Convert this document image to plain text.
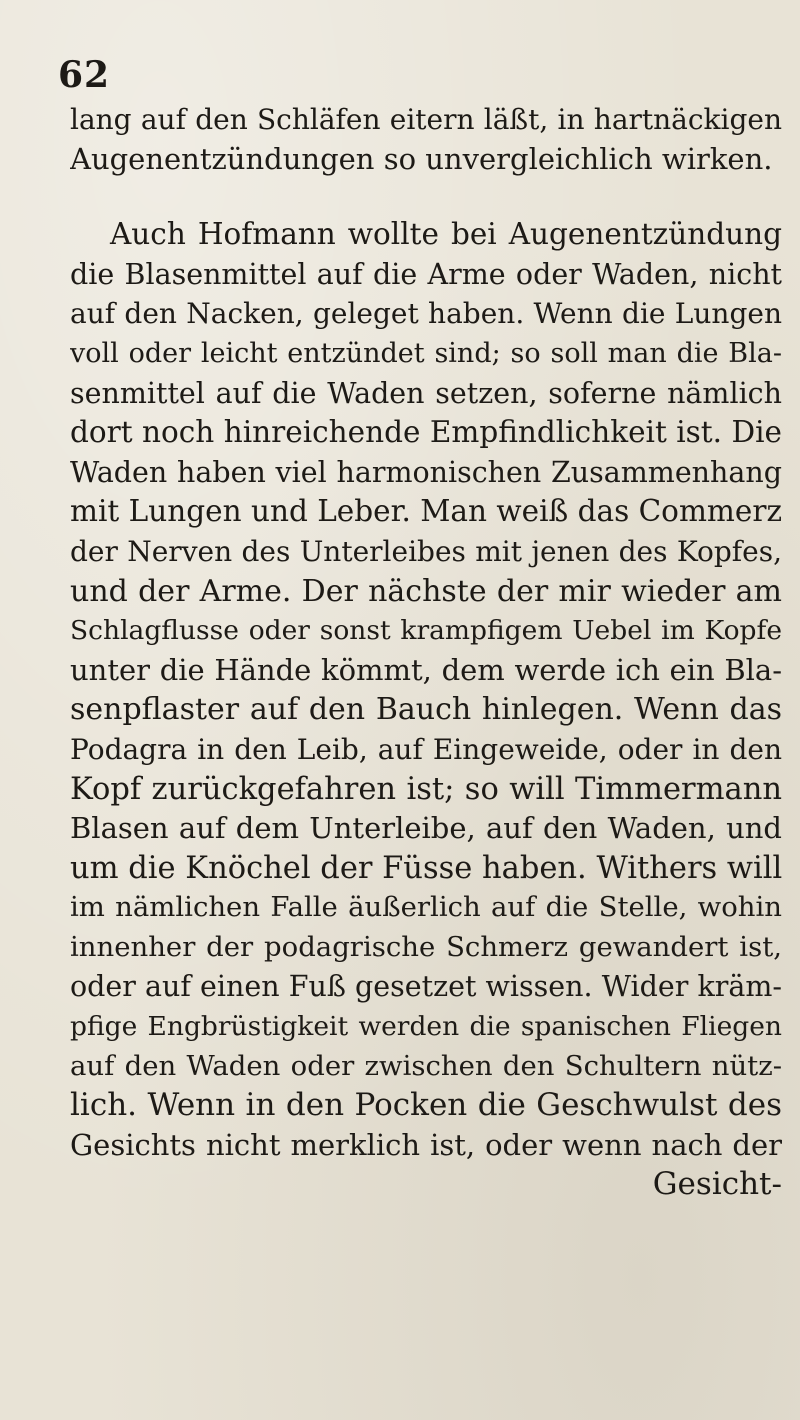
62
lang auf den Schläfen eitern läßt, in hartnäckigen
Augenentzündungen so unvergleichlich wirken.
Auch Hofmann wollte bei Augenentzündung
die Blasenmittel auf die Arme oder Waden, nicht
auf den Nacken, geleget haben. Wenn die Lungen
voll oder leicht entzündet sind; so soll man die Bla-
senmittel auf die Waden setzen, soferne nämlich
dort noch hinreichende Empfindlichkeit ist. Die
Waden haben viel harmonischen Zusammenhang
mit Lungen und Leber. Man weiß das Commerz
der Nerven des Unterleibes mit jenen des Kopfes,
und der Arme. Der nächste der mir wieder am
Schlagflusse oder sonst krampfigem Uebel im Kopfe
unter die Hände kömmt, dem werde ich ein Bla-
senpflaster auf den Bauch hinlegen. Wenn das
Podagra in den Leib, auf Eingeweide, oder in den
Kopf zurückgefahren ist; so will Timmermann
Blasen auf dem Unterleibe, auf den Waden, und
um die Knöchel der Füsse haben. Withers will
im nämlichen Falle äußerlich auf die Stelle, wohin
innenher der podagrische Schmerz gewandert ist,
oder auf einen Fuß gesetzet wissen. Wider kräm-
pfige Engbrüstigkeit werden die spanischen Fliegen
auf den Waden oder zwischen den Schultern nütz-
lich. Wenn in den Pocken die Geschwulst des
Gesichts nicht merklich ist, oder wenn nach der
Gesicht-
